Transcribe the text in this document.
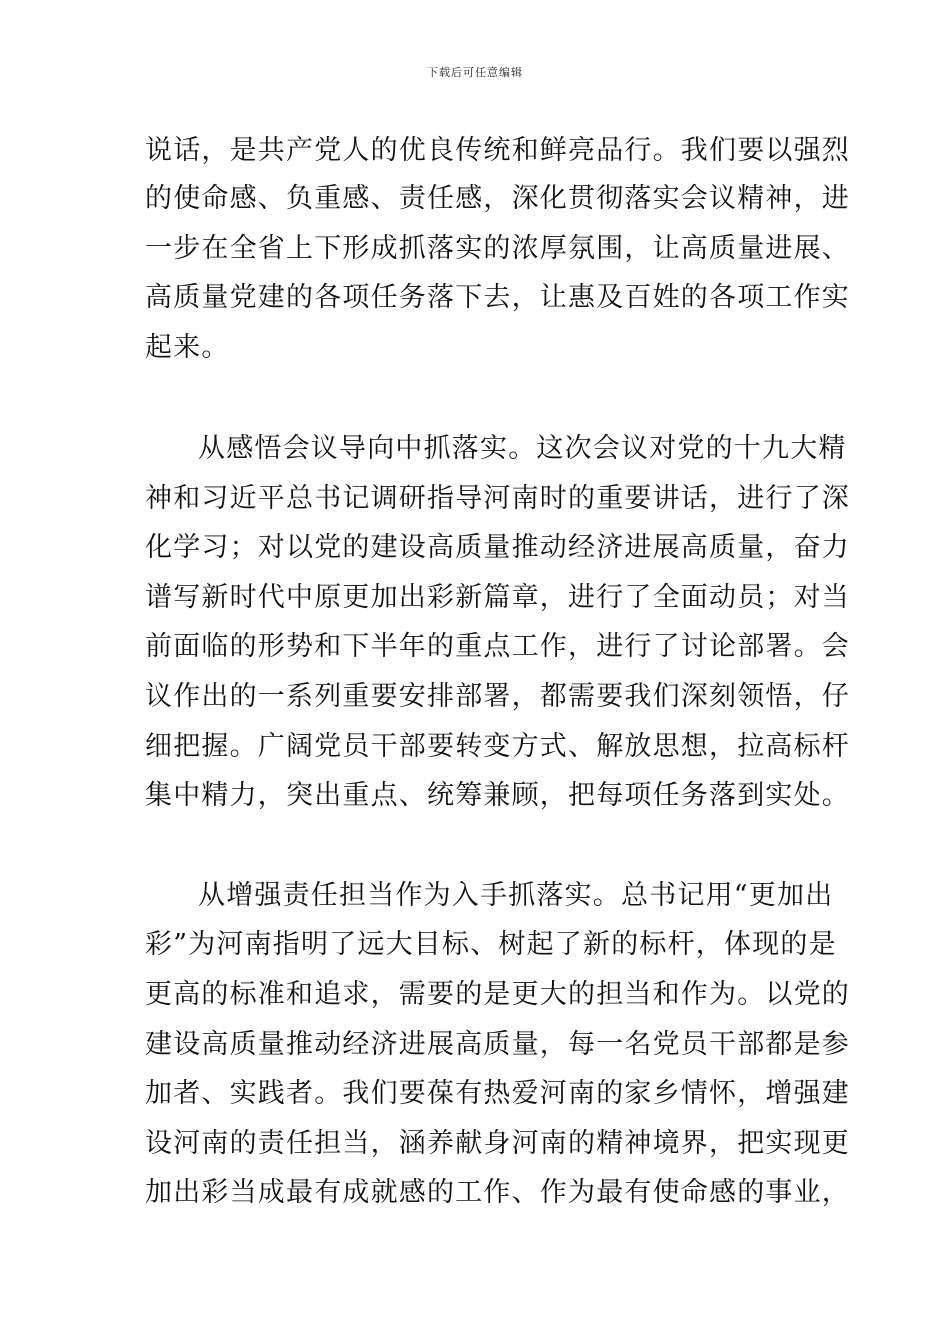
下载后可任意编辑
说话，是共产党人的优良传统和鲜亮品行。我们要以强烈
的使命感、负重感、责任感，深化贯彻落实会议精神，进
一步在全省上下形成抓落实的浓厚氛围，让高质量进展、
高质量党建的各项任务落下去，让惠及百姓的各项工作实
起来。
从感悟会议导向中抓落实。这次会议对党的十九大精
神和习近平总书记调研指导河南时的重要讲话，进行了深
化学习；对以党的建设高质量推动经济进展高质量，奋力
谱写新时代中原更加出彩新篇章，进行了全面动员；对当
前面临的形势和下半年的重点工作，进行了讨论部署。会
议作出的一系列重要安排部署，都需要我们深刻领悟，仔
细把握。广阔党员干部要转变方式、解放思想，拉高标杆
集中精力，突出重点、统筹兼顾，把每项任务落到实处。
从增强责任担当作为入手抓落实。总书记用“更加出
彩”为河南指明了远大目标、树起了新的标杆，体现的是
更高的标准和追求，需要的是更大的担当和作为。以党的
建设高质量推动经济进展高质量，每一名党员干部都是参
加者、实践者。我们要葆有热爱河南的家乡情怀，增强建
设河南的责任担当，涵养献身河南的精神境界，把实现更
加出彩当成最有成就感的工作、作为最有使命感的事业，
